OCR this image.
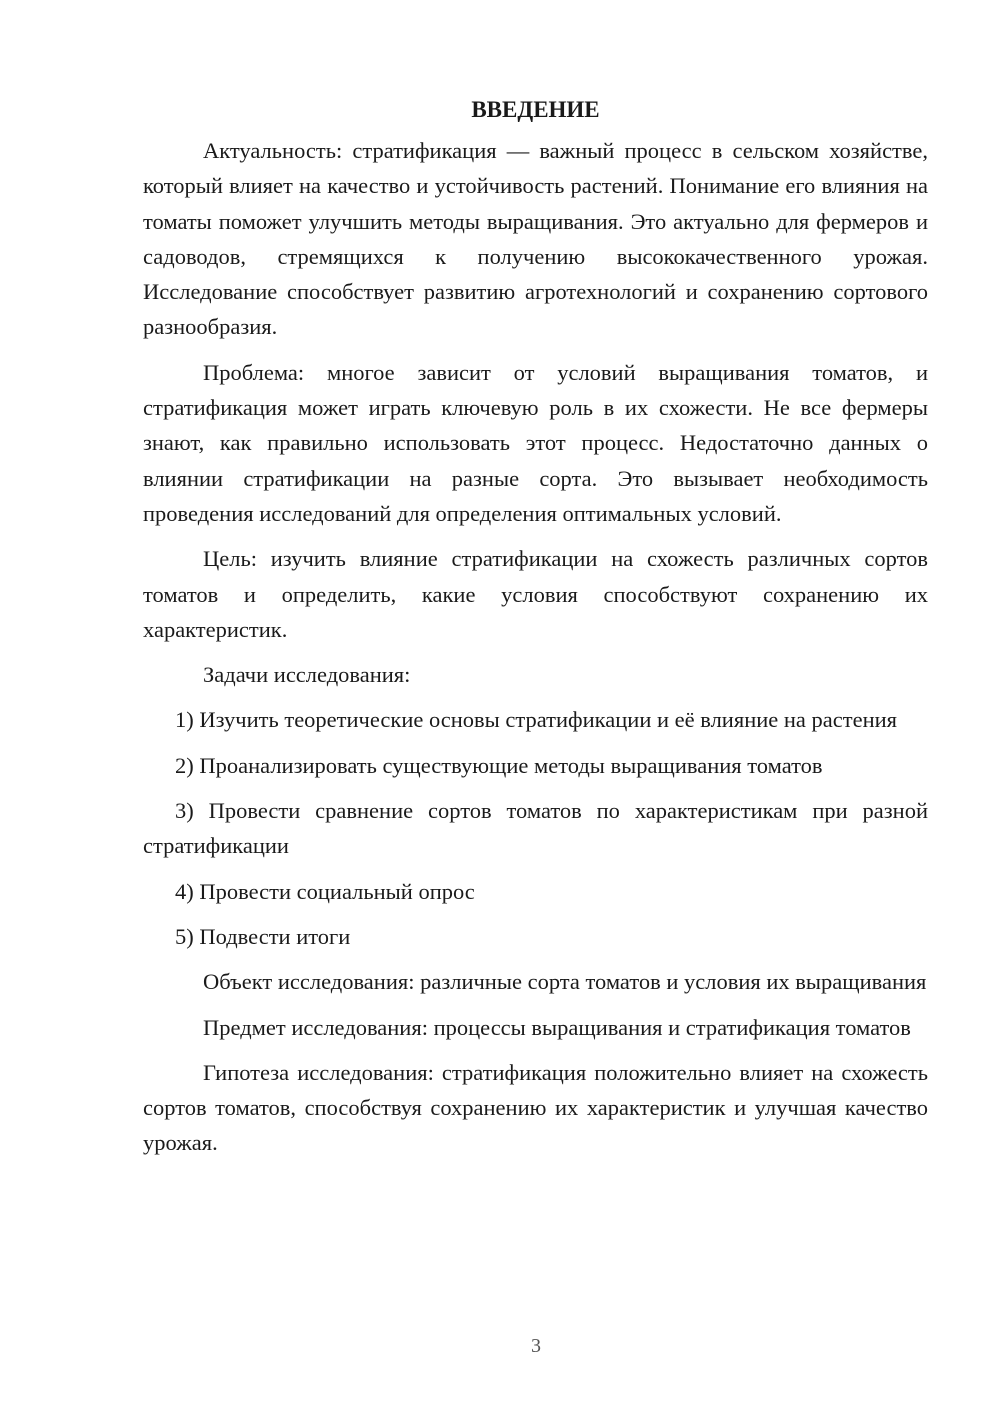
ВВЕДЕНИЕ

Актуальность: стратификация — важный процесс в сельском хозяйстве, который влияет на качество и устойчивость растений. Понимание его влияния на томаты поможет улучшить методы выращивания. Это актуально для фермеров и садоводов, стремящихся к получению высококачественного урожая. Исследование способствует развитию агротехнологий и сохранению сортового разнообразия.

Проблема: многое зависит от условий выращивания томатов, и стратификация может играть ключевую роль в их схожести. Не все фермеры знают, как правильно использовать этот процесс. Недостаточно данных о влиянии стратификации на разные сорта. Это вызывает необходимость проведения исследований для определения оптимальных условий.

Цель: изучить влияние стратификации на схожесть различных сортов томатов и определить, какие условия способствуют сохранению их характеристик.

Задачи исследования:

1) Изучить теоретические основы стратификации и её влияние на растения

2) Проанализировать существующие методы выращивания томатов

3) Провести сравнение сортов томатов по характеристикам при разной стратификации

4) Провести социальный опрос

5) Подвести итоги

Объект исследования: различные сорта томатов и условия их выращивания

Предмет исследования: процессы выращивания и стратификация томатов

Гипотеза исследования: стратификация положительно влияет на схожесть сортов томатов, способствуя сохранению их характеристик и улучшая качество урожая.

3
